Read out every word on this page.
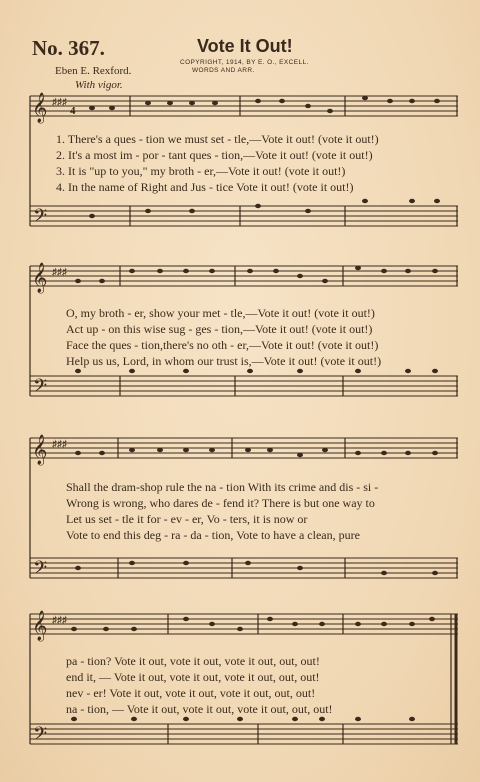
No. 367.	Vote It Out!
COPYRIGHT, 1914, BY E. O., EXCELL.
WORDS AND ARR.
Eben E. Rexford.
With vigor.
𝄞
𝄢
♯♯♯
4
1. There's a ques - tion we must set - tle,—Vote it out! (vote it out!)
2. It's a most im - por - tant ques - tion,—Vote it out! (vote it out!)
3. It is "up to you," my broth - er,—Vote it out! (vote it out!)
4. In the name of Right and Jus - tice Vote it out! (vote it out!)
𝄞
𝄢
♯♯♯
O, my broth - er, show your met - tle,—Vote it out! (vote it out!)
Act up - on this wise sug - ges - tion,—Vote it out! (vote it out!)
Face the ques - tion,there's no oth - er,—Vote it out! (vote it out!)
Help us us, Lord, in whom our trust is,—Vote it out! (vote it out!)
𝄞
𝄢
♯♯♯
Shall the dram-shop rule the na - tion With its crime and dis - si -
Wrong is wrong, who dares de - fend it? There is but one way to
Let us set - tle it for - ev - er, Vo - ters, it is now or
Vote to end this deg - ra - da - tion, Vote to have a clean, pure
𝄞
𝄢
♯♯♯
pa - tion? Vote it out, vote it out, vote it out, out, out!
end it, — Vote it out, vote it out, vote it out, out, out!
nev - er! Vote it out, vote it out, vote it out, out, out!
na - tion, — Vote it out, vote it out, vote it out, out, out!
